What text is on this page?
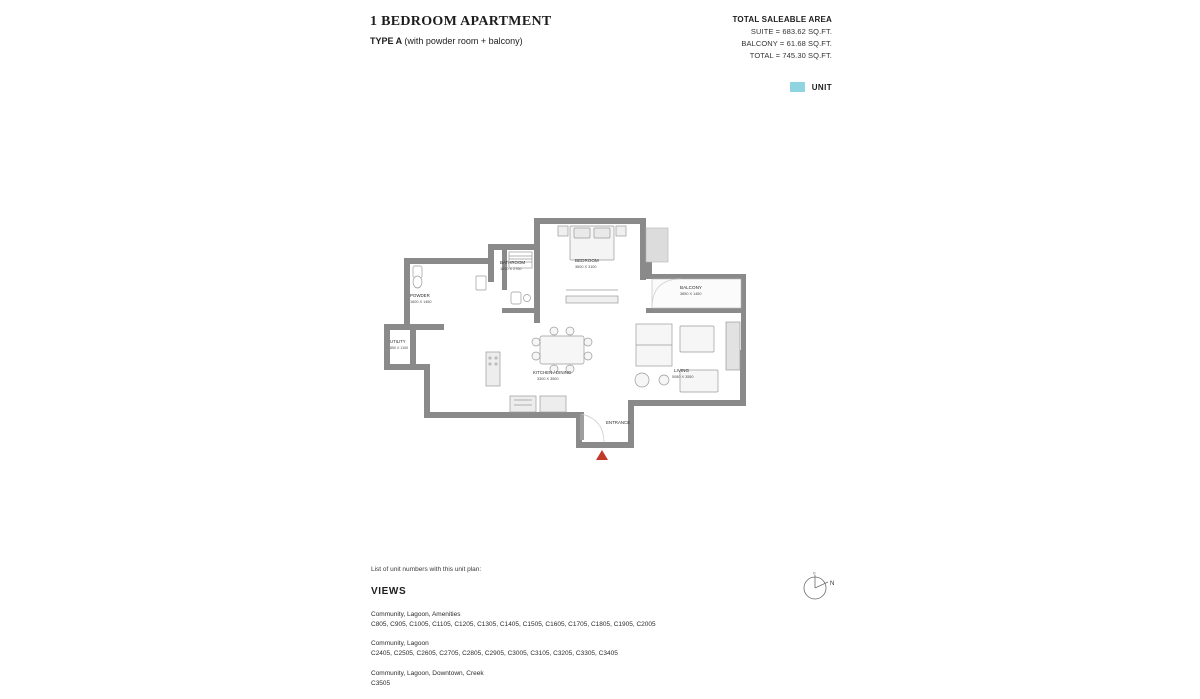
1 BEDROOM APARTMENT
TYPE A (with powder room + balcony)
TOTAL SALEABLE AREA
SUITE = 683.62 SQ.FT.
BALCONY = 61.68 SQ.FT.
TOTAL = 745.30 SQ.FT.
UNIT
BATHROOM
1600 X 2700
BEDROOM
3600 X 3100
BALCONY
3850 X 1450
POWDER
1600 X 1450
UTILITY
850 X 1100
KITCHEN / DINING
3300 X 3500
LIVING
5080 X 3550
ENTRANCE
List of unit numbers with this unit plan:
VIEWS
Community, Lagoon, Amenities
C805, C905, C1005, C1105, C1205, C1305, C1405, C1505, C1605, C1705, C1805, C1905, C2005
Community, Lagoon
C2405, C2505, C2605, C2705, C2805, C2905, C3005, C3105, C3205, C3305, C3405
Community, Lagoon, Downtown, Creek
C3505
0
N
